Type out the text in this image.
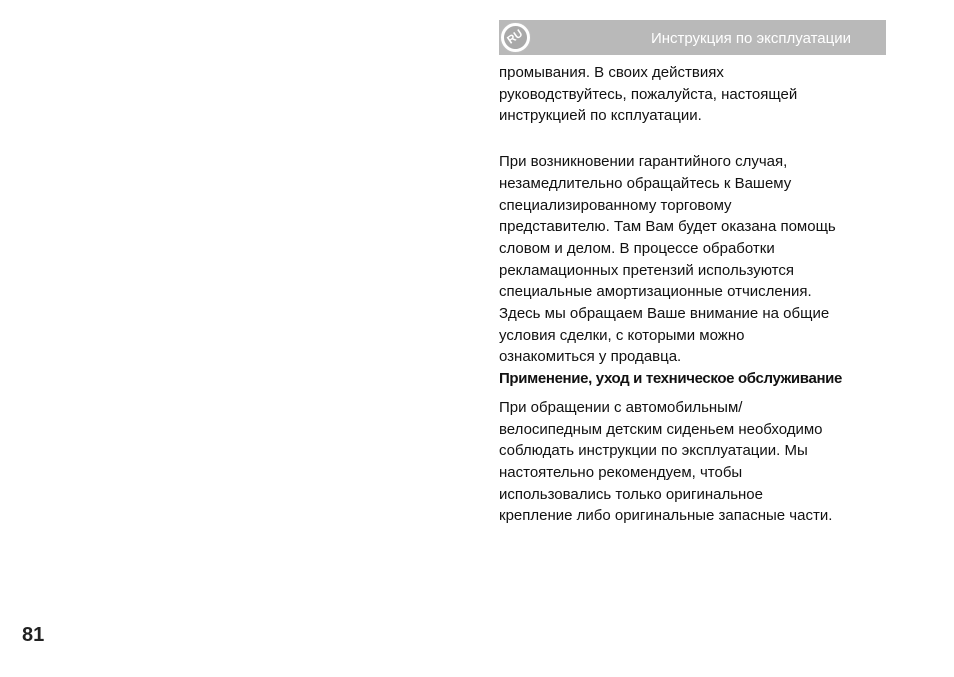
RU	Инструкция по эксплуатации

промывания. В своих действиях
руководствуйтесь, пожалуйста, настоящей
инструкцией по ксплуатации.

При возникновении гарантийного случая,
незамедлительно обращайтесь к Вашему
специализированному торговому
представителю. Там Вам будет оказана помощь
словом и делом. В процессе обработки
рекламационных претензий используются
специальные амортизационные отчисления.
Здесь мы обращаем Ваше внимание на общие
условия сделки, с которыми можно
ознакомиться у продавца.

Применение, уход и техническое обслуживание

При обращении с автомобильным/
велосипедным детским сиденьем необходимо
соблюдать инструкции по эксплуатации. Мы
настоятельно рекомендуем, чтобы
использовались только оригинальное
крепление либо оригинальные запасные части.

81
